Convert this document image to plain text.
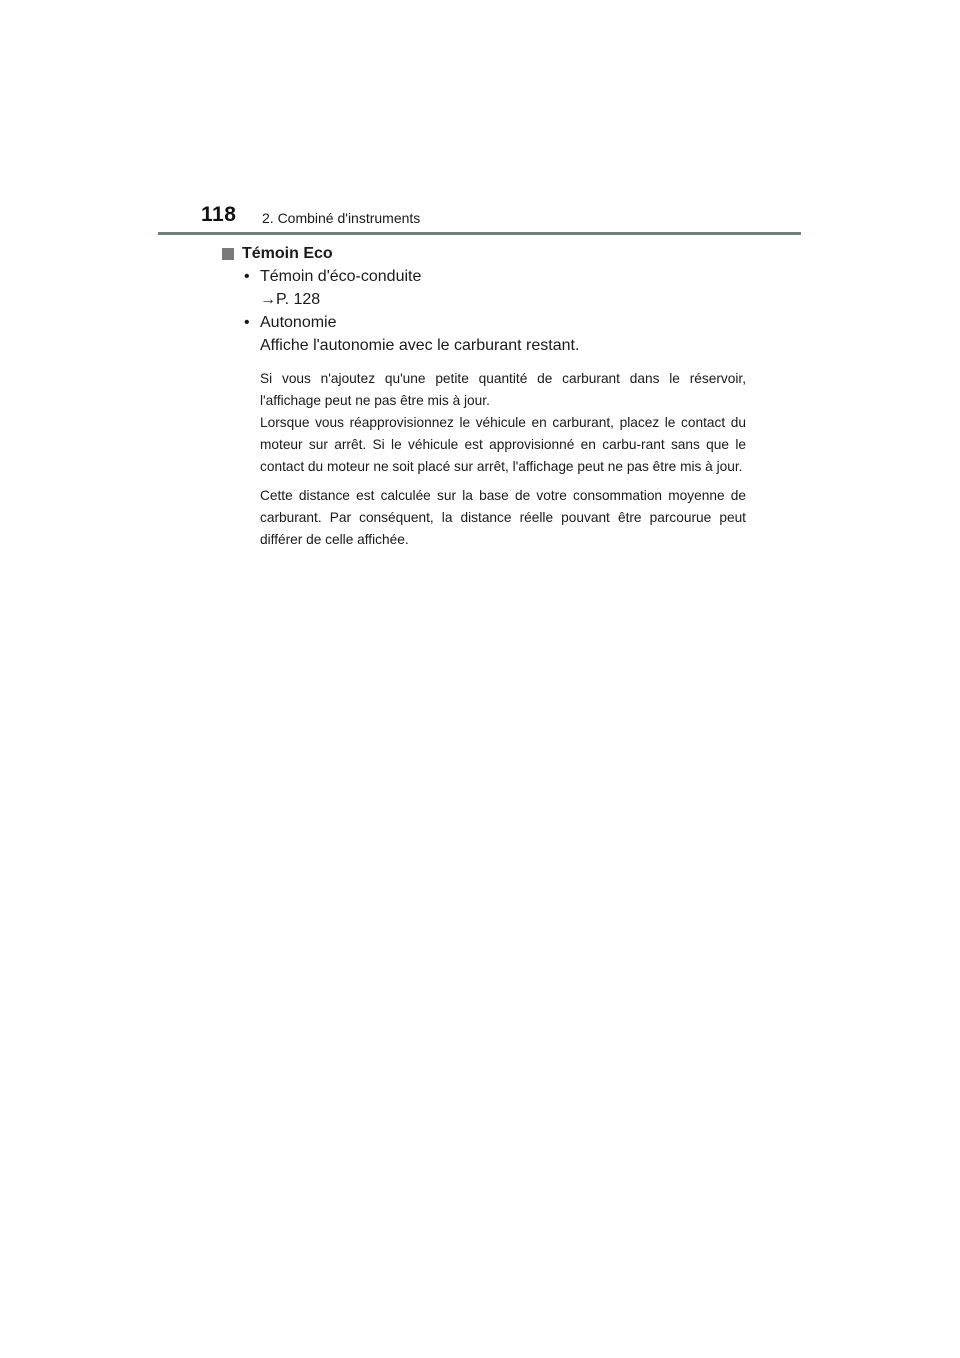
118 2. Combiné d'instruments
Témoin Eco
• Témoin d'éco-conduite
→P. 128
• Autonomie
Affiche l'autonomie avec le carburant restant.
Si vous n'ajoutez qu'une petite quantité de carburant dans le réservoir, l'affichage peut ne pas être mis à jour.
Lorsque vous réapprovisionnez le véhicule en carburant, placez le contact du moteur sur arrêt. Si le véhicule est approvisionné en carbu-rant sans que le contact du moteur ne soit placé sur arrêt, l'affichage peut ne pas être mis à jour.
Cette distance est calculée sur la base de votre consommation moyenne de carburant. Par conséquent, la distance réelle pouvant être parcourue peut différer de celle affichée.
